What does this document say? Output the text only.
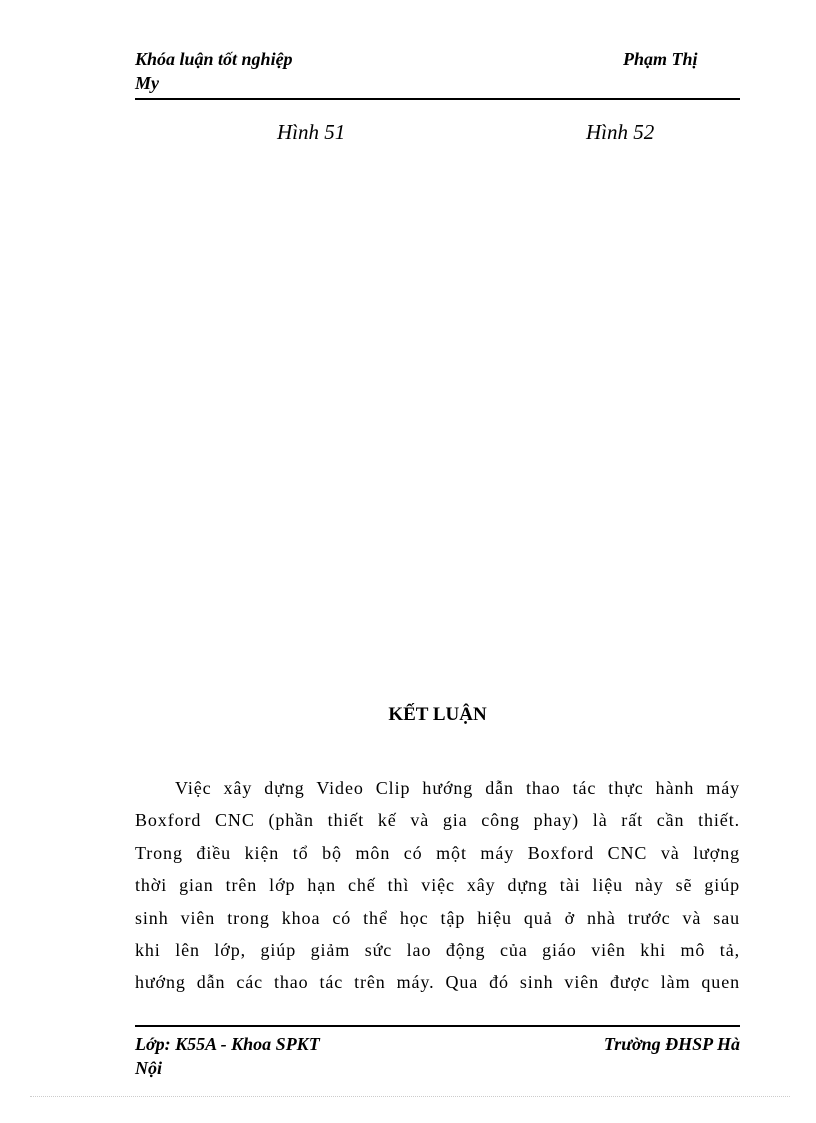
Khóa luận tốt nghiệp	Phạm Thị
My
Hình 51	Hình 52
KẾT LUẬN
Việc xây dựng Video Clip hướng dẫn thao tác thực hành máy
Boxford CNC (phần thiết kế và gia công phay) là rất cần thiết.
Trong điều kiện tổ bộ môn có một máy Boxford CNC và lượng
thời gian trên lớp hạn chế thì việc xây dựng tài liệu này sẽ giúp
sinh viên trong khoa có thể học tập hiệu quả ở nhà trước và sau
khi lên lớp, giúp giảm sức lao động của giáo viên khi mô tả,
hướng dẫn các thao tác trên máy. Qua đó sinh viên được làm quen
Lớp: K55A - Khoa SPKT	Trường ĐHSP Hà
Nội
